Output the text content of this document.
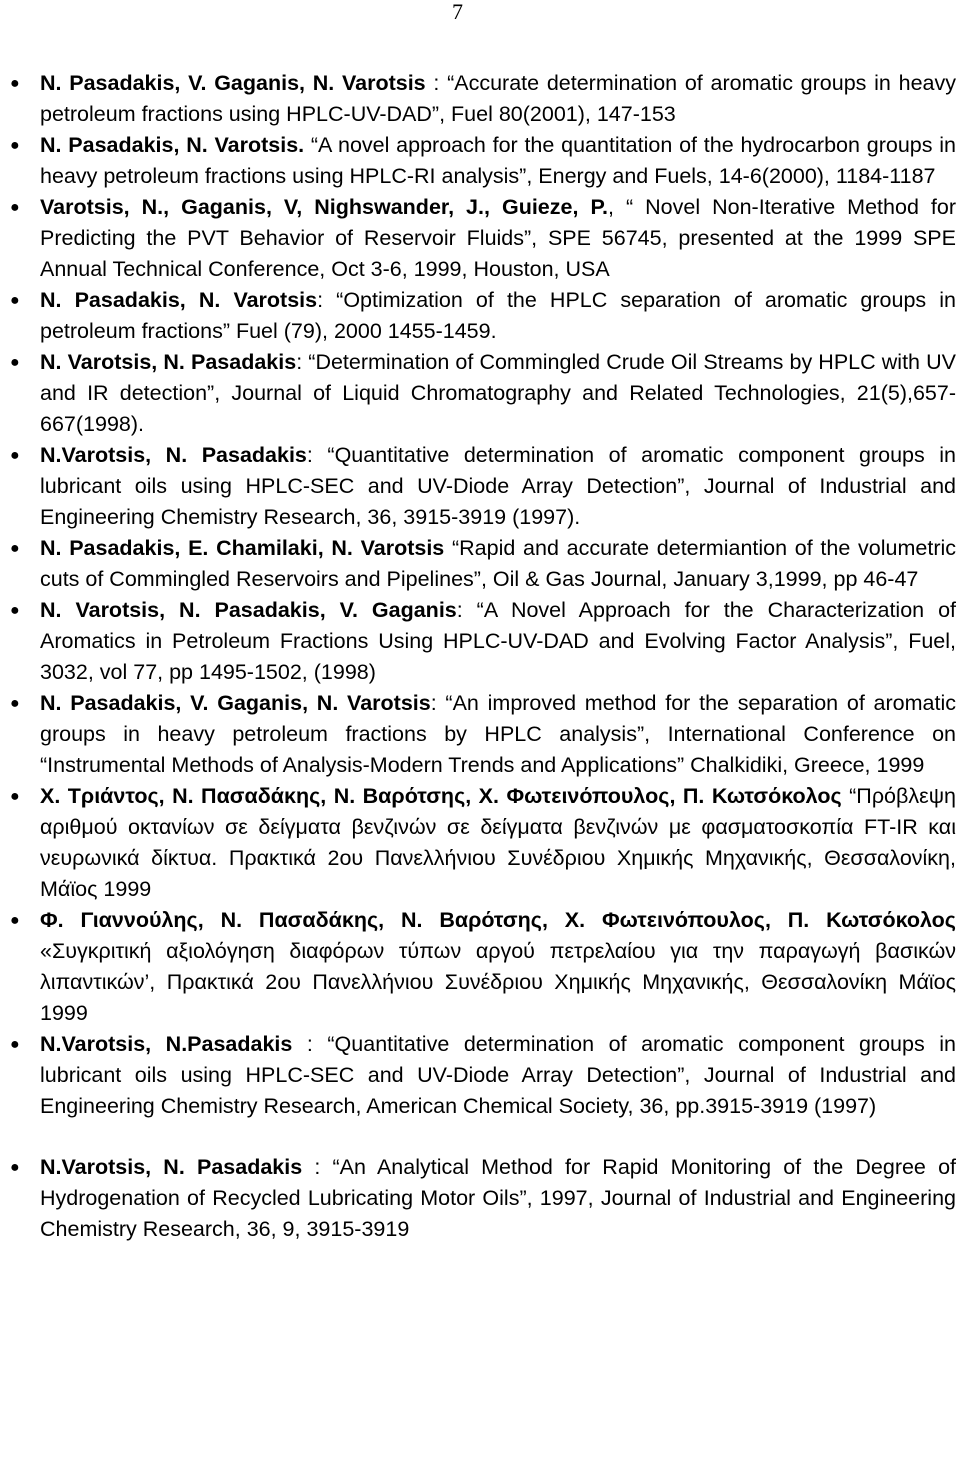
7
● N. Pasadakis, V. Gaganis, N. Varotsis : “Accurate determination of aromatic groups in heavy petroleum fractions using HPLC-UV-DAD”, Fuel 80(2001), 147-153
● N. Pasadakis, N. Varotsis. “A novel approach for the quantitation of the hydrocarbon groups in heavy petroleum fractions using HPLC-RI analysis”, Energy and Fuels, 14-6(2000), 1184-1187
● Varotsis, N., Gaganis, V, Nighswander, J., Guieze, P., “ Novel Non-Iterative Method for Predicting the PVT Behavior of Reservoir Fluids”, SPE 56745, presented at the 1999 SPE Annual Technical Conference, Oct 3-6, 1999, Houston, USA
● N. Pasadakis, N. Varotsis: “Optimization of the HPLC separation of aromatic groups in petroleum fractions” Fuel (79), 2000 1455-1459.
● N. Varotsis, N. Pasadakis: “Determination of Commingled Crude Oil Streams by HPLC with UV and IR detection”, Journal of Liquid Chromatography and Related Technologies, 21(5),657-667(1998).
● N.Varotsis, N. Pasadakis: “Quantitative determination of aromatic component groups in lubricant oils using HPLC-SEC and UV-Diode Array Detection”, Journal of Industrial and Engineering Chemistry Research, 36, 3915-3919 (1997).
● N. Pasadakis, E. Chamilaki, N. Varotsis “Rapid and accurate determiantion of the volumetric cuts of Commingled Reservoirs and Pipelines”, Oil & Gas Journal, January 3,1999, pp 46-47
● N. Varotsis, N. Pasadakis, V. Gaganis: “A Novel Approach for the Characterization of Aromatics in Petroleum Fractions Using HPLC-UV-DAD and Evolving Factor Analysis”, Fuel, 3032, vol 77, pp 1495-1502, (1998)
● N. Pasadakis, V. Gaganis, N. Varotsis: “An improved method for the separation of aromatic groups in heavy petroleum fractions by HPLC analysis”, International Conference on “Instrumental Methods of Analysis-Modern Trends and Applications” Chalkidiki, Greece, 1999
● Χ. Τριάντος, Ν. Πασαδάκης, Ν. Βαρότσης, Χ. Φωτεινόπουλος, Π. Κωτσόκολος “Πρόβλεψη αριθμού οκτανίων σε δείγματα βενζινών σε δείγματα βενζινών με φασματοσκοπία FT-IR και νευρωνικά δίκτυα. Πρακτικά 2ου Πανελλήνιου Συνέδριου Χημικής Μηχανικής, Θεσσαλονίκη, Μάϊος 1999
● Φ. Γιαννούλης, Ν. Πασαδάκης, Ν. Βαρότσης, Χ. Φωτεινόπουλος, Π. Κωτσόκολος «Συγκριτική αξιολόγηση διαφόρων τύπων αργού πετρελαίου για την παραγωγή βασικών λιπαντικών’, Πρακτικά 2ου Πανελλήνιου Συνέδριου Χημικής Μηχανικής, Θεσσαλονίκη Μάϊος 1999
● N.Varotsis, N.Pasadakis : “Quantitative determination of aromatic component groups in lubricant oils using HPLC-SEC and UV-Diode Array Detection”, Journal of Industrial and Engineering Chemistry Research, American Chemical Society, 36, pp.3915-3919 (1997)
● N.Varotsis, N. Pasadakis : “An Analytical Method for Rapid Monitoring of the Degree of Hydrogenation of Recycled Lubricating Motor Oils”, 1997, Journal of Industrial and Engineering Chemistry Research, 36, 9, 3915-3919
